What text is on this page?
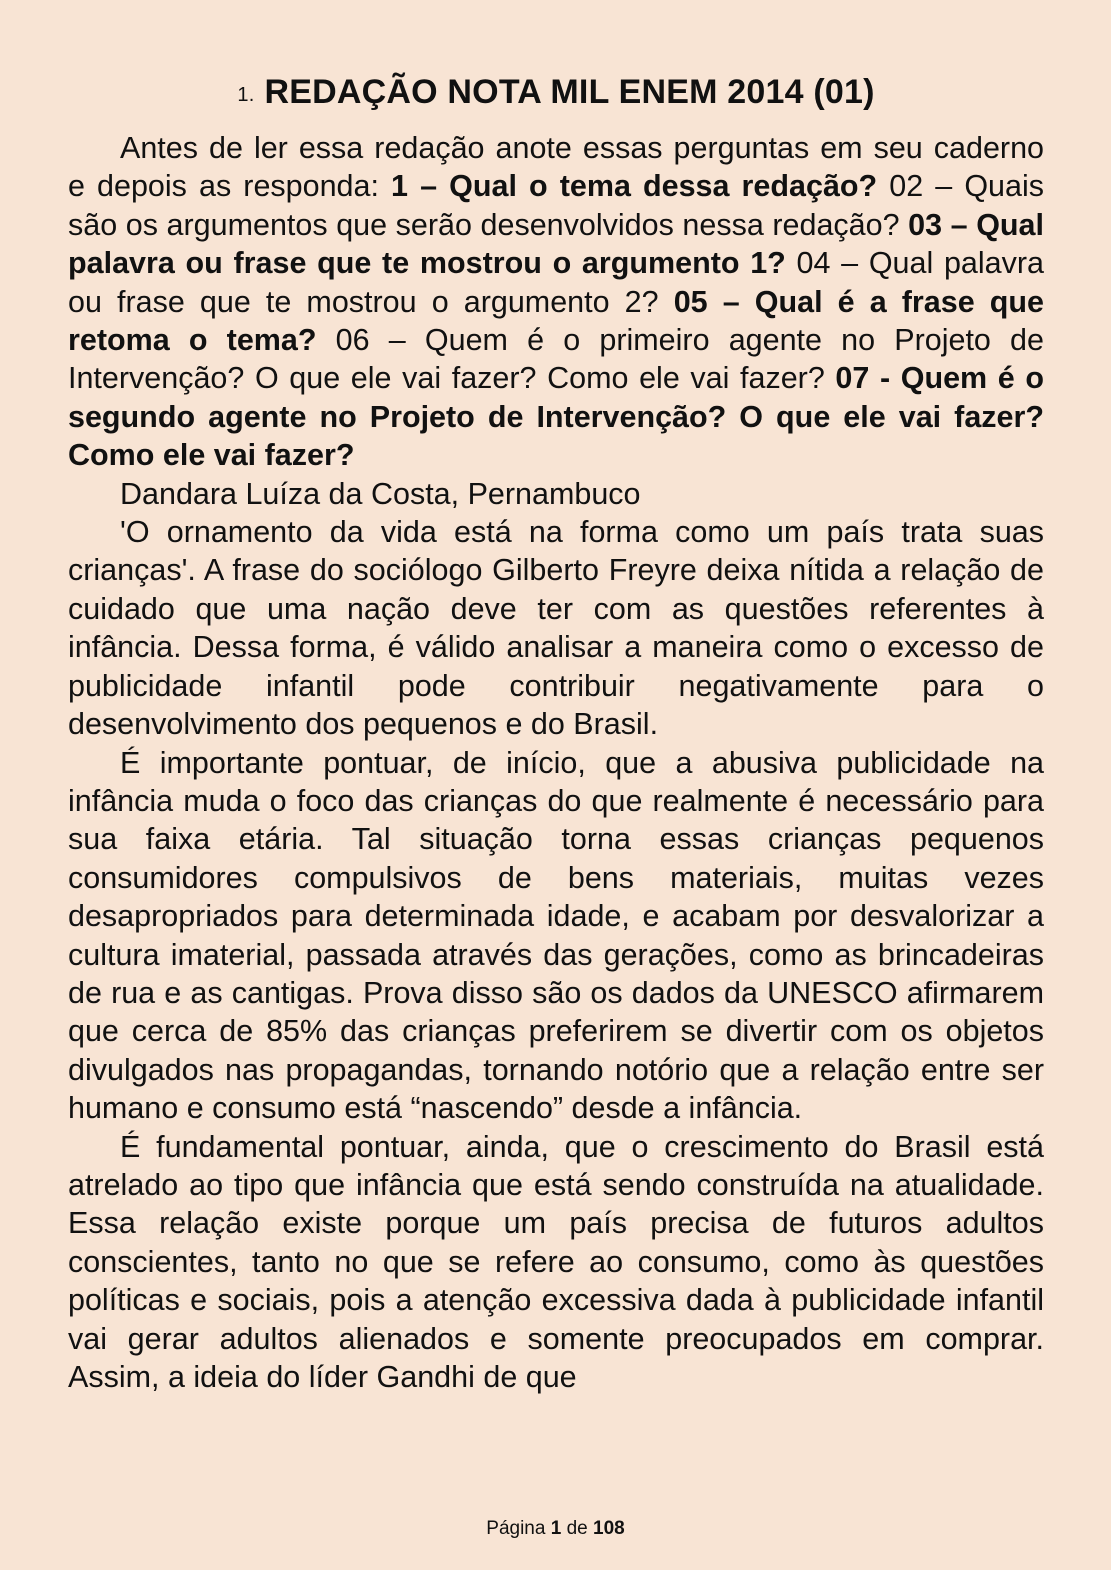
1. REDAÇÃO NOTA MIL ENEM 2014 (01)

Antes de ler essa redação anote essas perguntas em seu caderno e depois as responda: 1 – Qual o tema dessa redação? 02 – Quais são os argumentos que serão desenvolvidos nessa redação? 03 – Qual palavra ou frase que te mostrou o argumento 1? 04 – Qual palavra ou frase que te mostrou o argumento 2? 05 – Qual é a frase que retoma o tema? 06 – Quem é o primeiro agente no Projeto de Intervenção? O que ele vai fazer? Como ele vai fazer? 07 - Quem é o segundo agente no Projeto de Intervenção? O que ele vai fazer? Como ele vai fazer?

Dandara Luíza da Costa, Pernambuco

'O ornamento da vida está na forma como um país trata suas crianças'. A frase do sociólogo Gilberto Freyre deixa nítida a relação de cuidado que uma nação deve ter com as questões referentes à infância. Dessa forma, é válido analisar a maneira como o excesso de publicidade infantil pode contribuir negativamente para o desenvolvimento dos pequenos e do Brasil.

É importante pontuar, de início, que a abusiva publicidade na infância muda o foco das crianças do que realmente é necessário para sua faixa etária. Tal situação torna essas crianças pequenos consumidores compulsivos de bens materiais, muitas vezes desapropriados para determinada idade, e acabam por desvalorizar a cultura imaterial, passada através das gerações, como as brincadeiras de rua e as cantigas. Prova disso são os dados da UNESCO afirmarem que cerca de 85% das crianças preferirem se divertir com os objetos divulgados nas propagandas, tornando notório que a relação entre ser humano e consumo está “nascendo” desde a infância.

É fundamental pontuar, ainda, que o crescimento do Brasil está atrelado ao tipo que infância que está sendo construída na atualidade. Essa relação existe porque um país precisa de futuros adultos conscientes, tanto no que se refere ao consumo, como às questões políticas e sociais, pois a atenção excessiva dada à publicidade infantil vai gerar adultos alienados e somente preocupados em comprar. Assim, a ideia do líder Gandhi de que

Página 1 de 108
